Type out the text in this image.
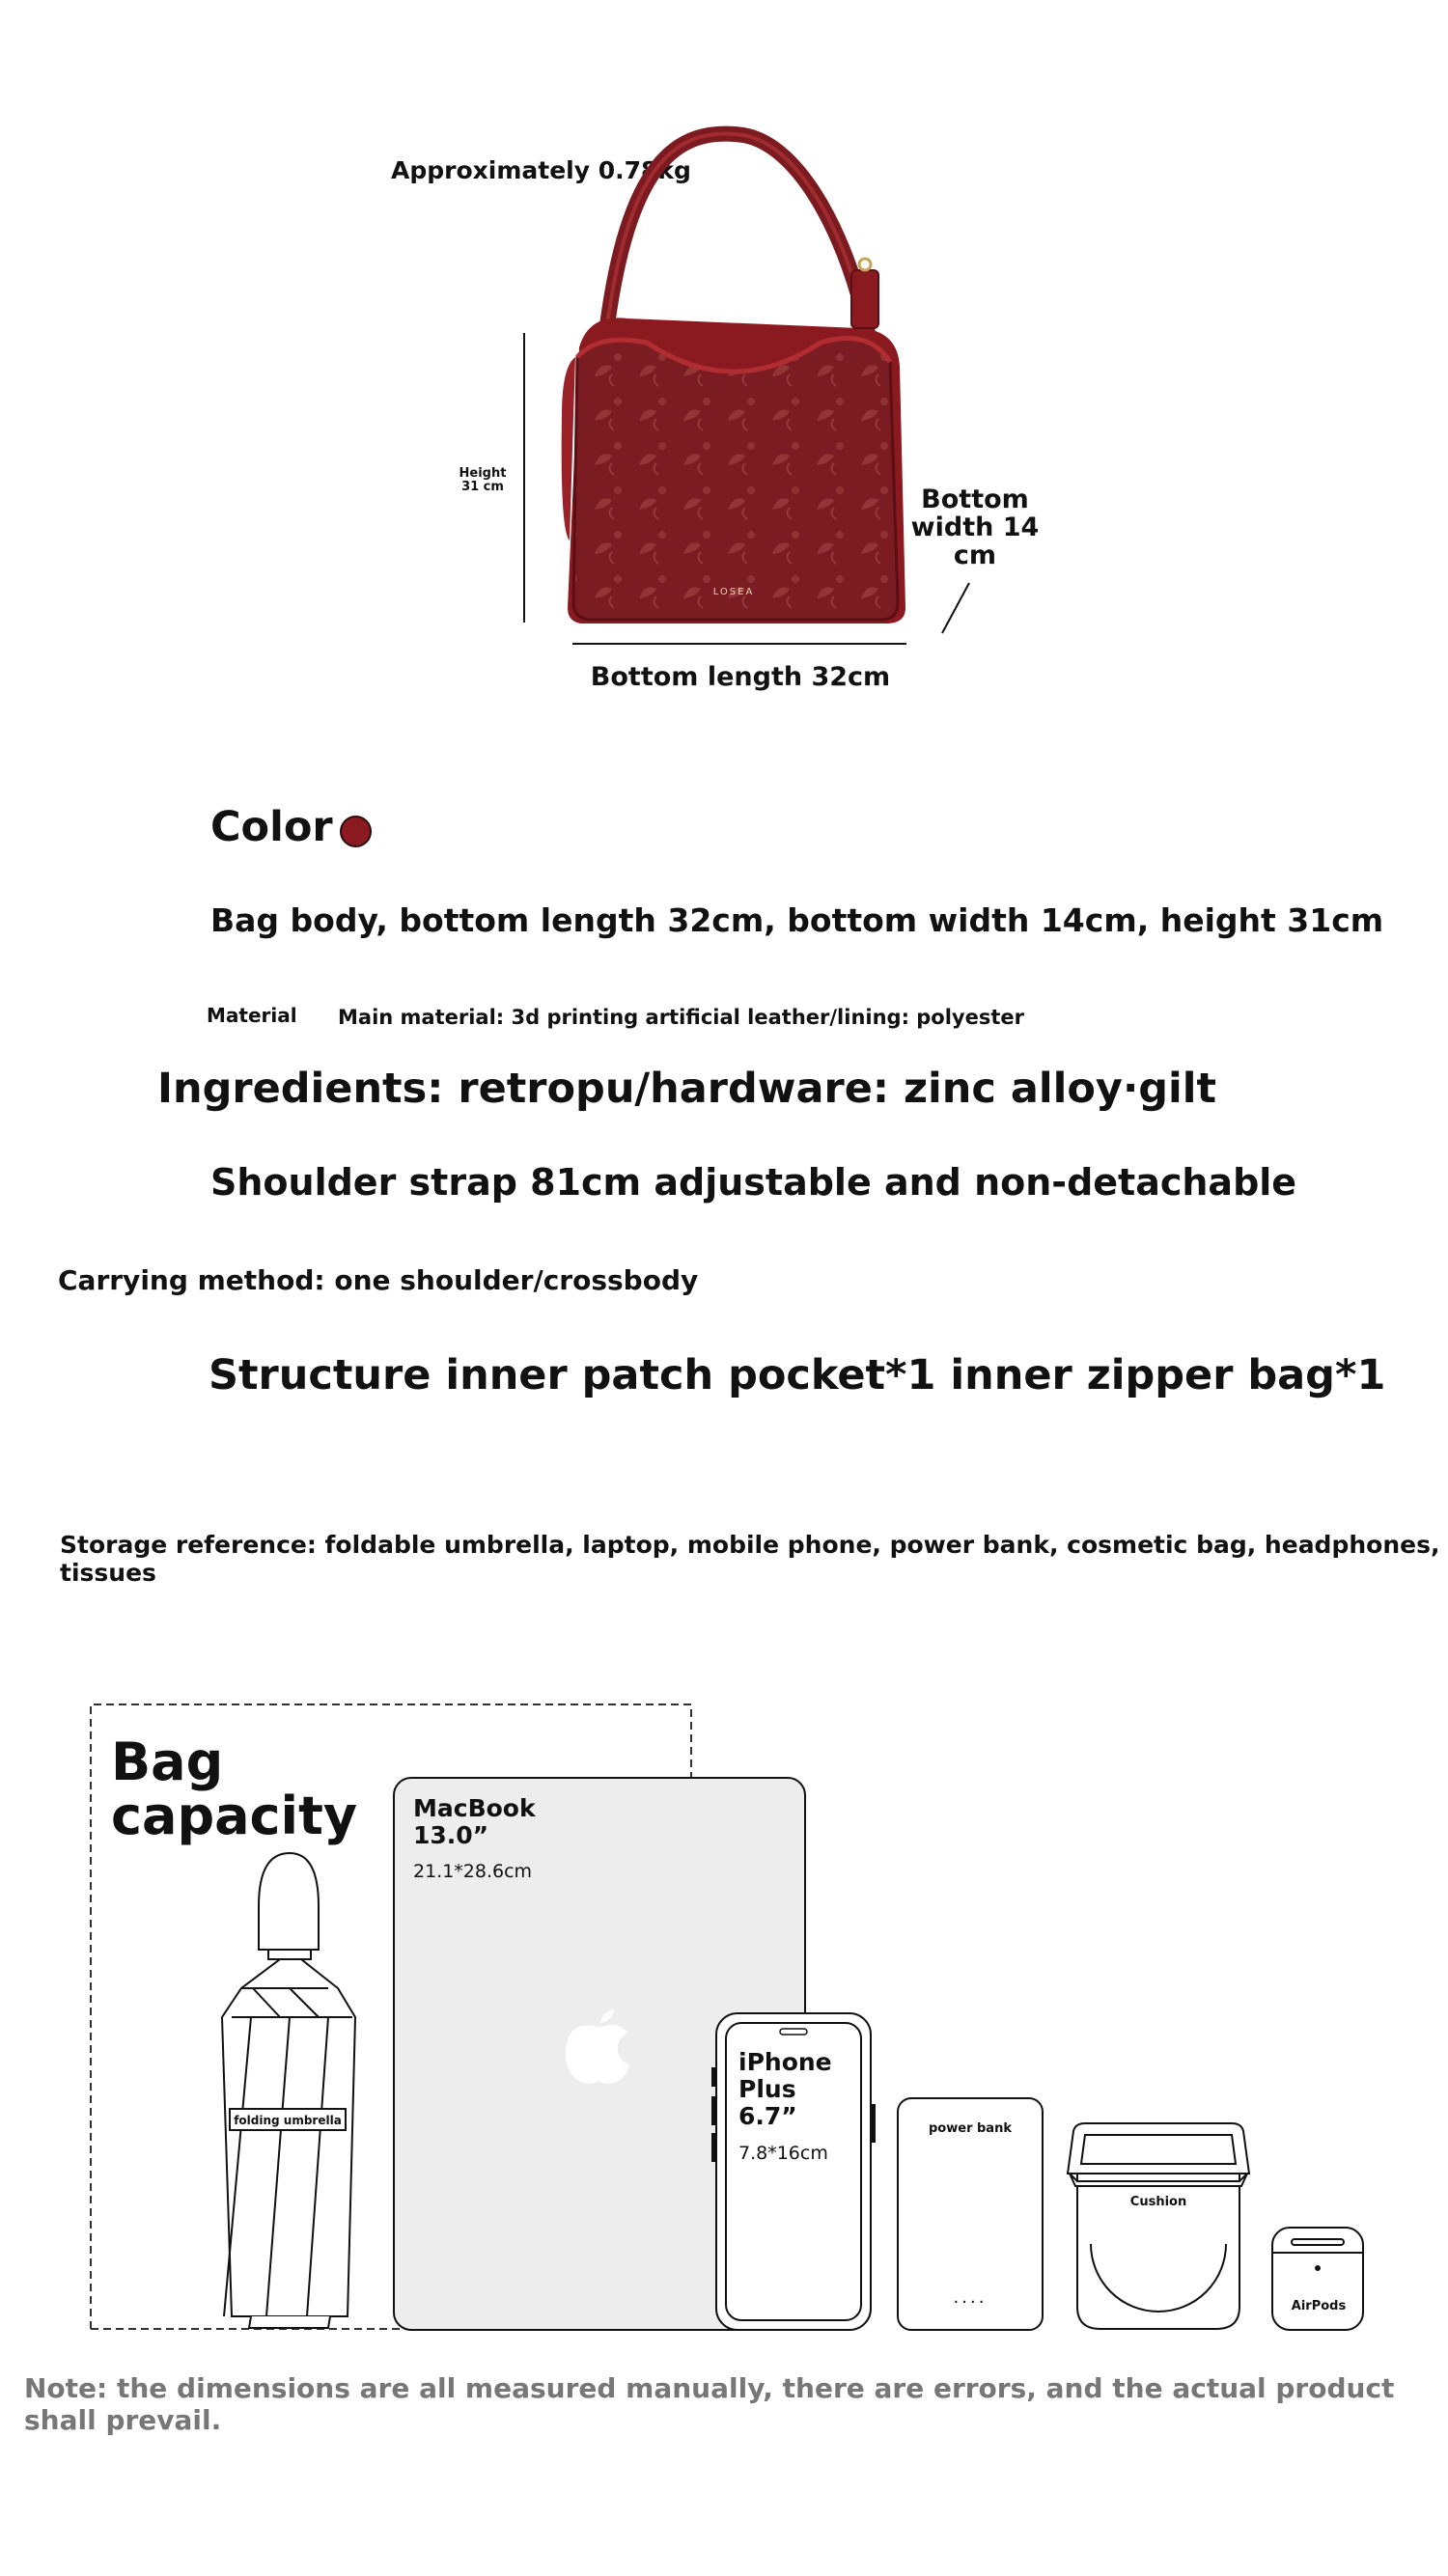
Approximately 0.78kg
Height
31 cm
LOSEA
Bottom
width 14
cm
Bottom length 32cm
Color
Bag body, bottom length 32cm, bottom width 14cm, height 31cm
Material Main material: 3d printing artificial leather/lining: polyester
Ingredients: retropu/hardware: zinc alloy·gilt
Shoulder strap 81cm adjustable and non-detachable
Carrying method: one shoulder/crossbody
Structure inner patch pocket*1 inner zipper bag*1
Storage reference: foldable umbrella, laptop, mobile phone, power bank, cosmetic bag, headphones, tissues
Bag
capacity
folding umbrella
MacBook
13.0”
21.1*28.6cm
iPhone
Plus
6.7”
7.8*16cm
power bank
....
Cushion
AirPods
Note: the dimensions are all measured manually, there are errors, and the actual product shall prevail.
